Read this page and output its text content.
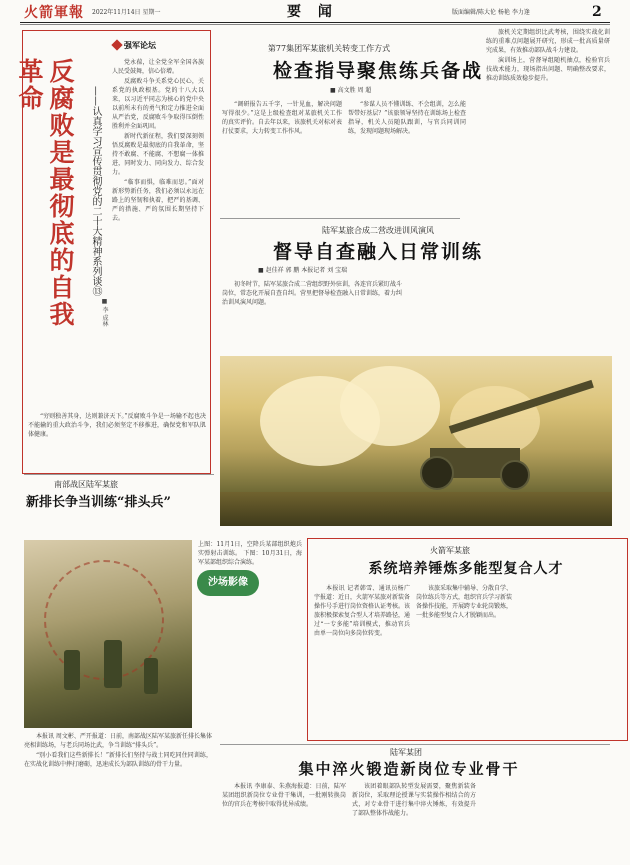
火箭軍報 2022年11月14日 星期一	要 闻	版面编辑/陈大伦 杨艳 李力逢	2
强军论坛
反腐败是最彻底的自我革命
——认真学习宣传贯彻党的二十大精神系列谈⑬
■ 李 成林

党永葆，让全党全军全国各族人民受鼓舞，信心倍增。

反腐败斗争关系党心民心，关系党的执政根基。党的十八大以来，以习近平同志为核心的党中央以前所未有的勇气和定力推进全面从严治党，反腐败斗争取得压倒性胜利并全面巩固。

新时代新征程，我们要深刻领悟反腐败是最彻底的自我革命，坚持不敢腐、不能腐、不想腐一体推进，同时发力、同向发力、综合发力。

“临事而惧，临难而思。”面对新形势新任务，我们必须以永远在路上的坚韧和执着，把严的基调、严的措施、严的氛围长期坚持下去。

“穷则独善其身，达则兼济天下。”反腐败斗争是一场输不起也决不能输的重大政治斗争，我们必须坚定不移推进，确保党和军队肌体健康。

第77集团军某旅机关转变工作方式
检查指导聚焦练兵备战
■ 高文胜 周 超

“调研报告五千字，一针见血，解决问题写得很少。”这是上级检查组对某旅机关工作的真实评价。自去年以来，该旅机关对标对表打仗要求，大力转变工作作风。

“参谋人员不懂训练、不会组训，怎么能帮带好基层？”该旅领导坚持在训练场上检查指导，机关人员随队跟训，与官兵同训同练，发现问题现场解决。

陆军某旅合成二营改进训风演风
督导自查融入日常训练
■ 赵佳祥 郭 鹏 本报记者 刘 宝瑞

初冬时节，陆军某旅合成二营组织野外驻训，各连官兵紧盯战斗岗位，常态化开展自查自纠。营里把督导检查融入日常训练，着力纠治训风演风问题。

旅机关定期组织比武考核，围绕实战化训练的重难点问题展开研究，形成一批高质量研究成果，有效推动部队战斗力建设。

演训场上，营督导组随机抽点，检验官兵技战术能力，现场指出问题、明确整改要求，推动训练质效稳步提升。

南部战区陆军某旅
新排长争当训练“排头兵”

本报讯 周文彬、严开报道：日前，南部战区陆军某旅新任排长集体亮相训练场，与老兵同场比武，争当训练“排头兵”。

“别小看我们这些新排长！”新排长们坚持与战士同吃同住同训练，在实战化训练中摔打磨砺，迅速成长为部队训练的骨干力量。

沙场影像

上图：11月1日，空降兵某部组织炮兵实弹射击训练。 下图：10月31日，海军某部组织综合演练。

火箭军某旅
系统培养锤炼多能型复合人才

本报讯 记者韩雪、通讯员杨广宇报道：近日，火箭军某旅对新装备操作号手进行岗位资格认证考核。该旅积极探索复合型人才培养路径，通过“一专多能”培训模式，推动官兵由单一岗位向多岗位转变。

该旅采取集中辅导、分散自学、岗位练兵等方式，组织官兵学习新装备操作技能，开展跨专业轮岗锻炼，一批多能型复合人才脱颖而出。

陆军某团
集中淬火锻造新岗位专业骨干

本报讯 李康泰、朱燕海报道：日前，陆军某团组织新岗位专业骨干集训，一批刚转换岗位的官兵在考核中取得优异成绩。

该团着眼部队转型发展需要，聚焦新装备新岗位，采取理论授课与实装操作相结合的方式，对专业骨干进行集中淬火锤炼，有效提升了部队整体作战能力。
